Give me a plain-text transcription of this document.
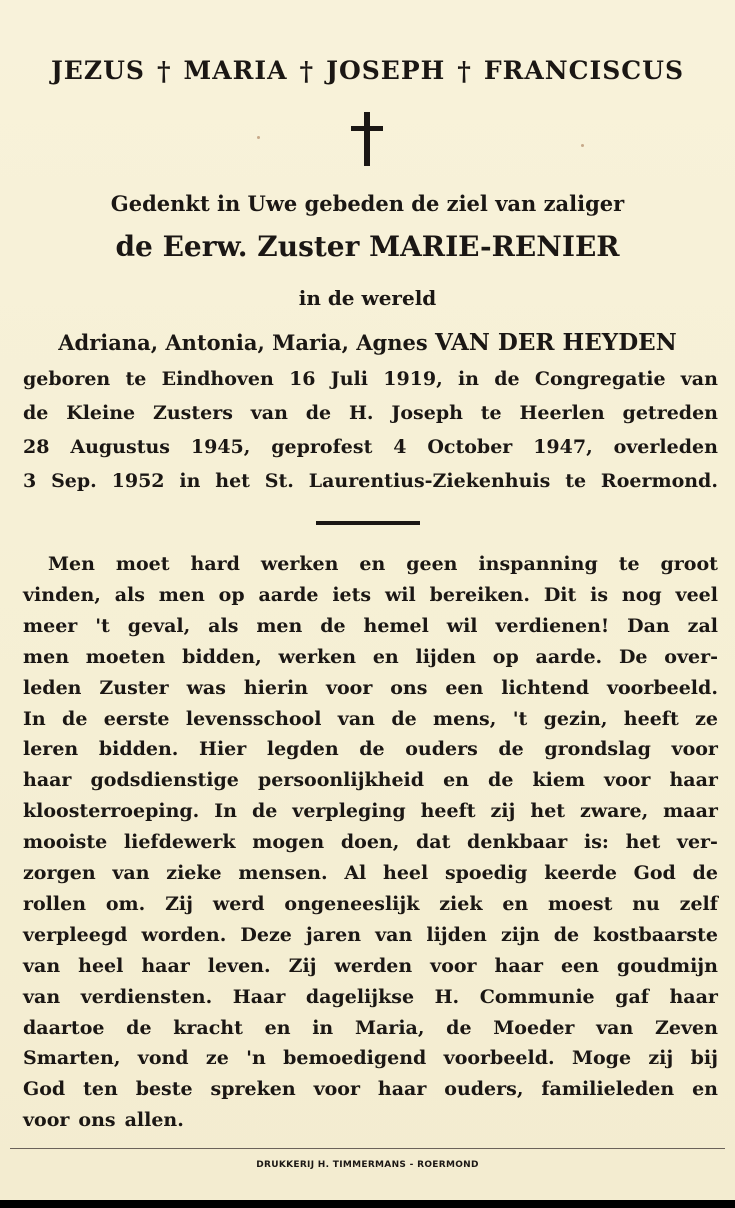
JEZUS † MARIA † JOSEPH † FRANCISCUS
Gedenkt in Uwe gebeden de ziel van zaliger
de Eerw. Zuster MARIE-RENIER
in de wereld
Adriana, Antonia, Maria, Agnes VAN DER HEYDEN
geboren te Eindhoven 16 Juli 1919, in de Congregatie van
de Kleine Zusters van de H. Joseph te Heerlen getreden
28 Augustus 1945, geprofest 4 October 1947, overleden
3 Sep. 1952 in het St. Laurentius-Ziekenhuis te Roermond.
Men moet hard werken en geen inspanning te groot
vinden, als men op aarde iets wil bereiken. Dit is nog veel
meer 't geval, als men de hemel wil verdienen! Dan zal
men moeten bidden, werken en lijden op aarde. De over-
leden Zuster was hierin voor ons een lichtend voorbeeld.
In de eerste levensschool van de mens, 't gezin, heeft ze
leren bidden. Hier legden de ouders de grondslag voor
haar godsdienstige persoonlijkheid en de kiem voor haar
kloosterroeping. In de verpleging heeft zij het zware, maar
mooiste liefdewerk mogen doen, dat denkbaar is: het ver-
zorgen van zieke mensen. Al heel spoedig keerde God de
rollen om. Zij werd ongeneeslijk ziek en moest nu zelf
verpleegd worden. Deze jaren van lijden zijn de kostbaarste
van heel haar leven. Zij werden voor haar een goudmijn
van verdiensten. Haar dagelijkse H. Communie gaf haar
daartoe de kracht en in Maria, de Moeder van Zeven
Smarten, vond ze 'n bemoedigend voorbeeld. Moge zij bij
God ten beste spreken voor haar ouders, familieleden en
voor ons allen.
DRUKKERIJ H. TIMMERMANS - ROERMOND
